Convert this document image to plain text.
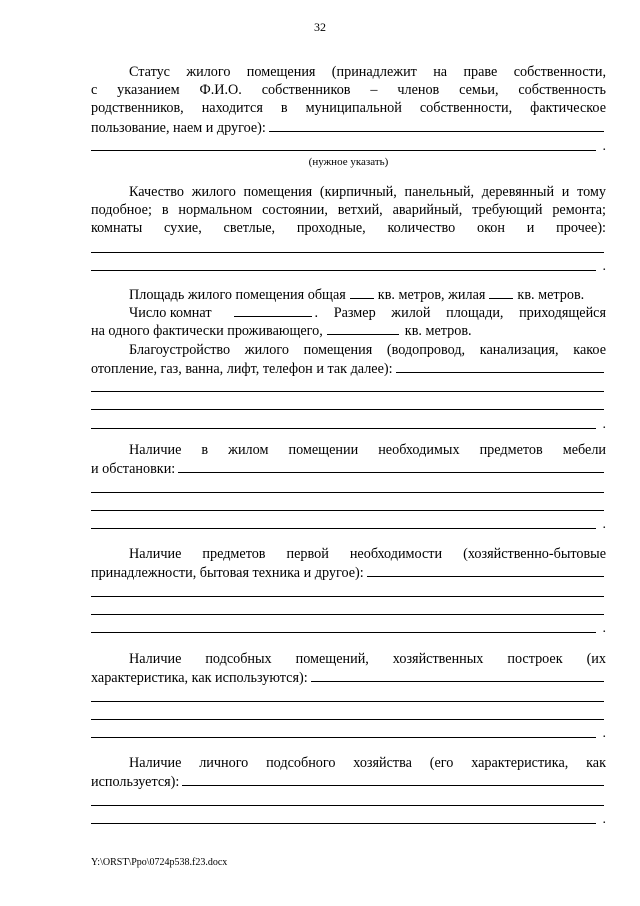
32

Статус жилого помещения (принадлежит на праве собственности,

с указанием Ф.И.О. собственников – членов семьи, собственность

родственников, находится в муниципальной собственности, фактическое

пользование, наем и другое):
.
(нужное указать)

Качество жилого помещения (кирпичный, панельный, деревянный и тому

подобное; в нормальном состоянии, ветхий, аварийный, требующий ремонта;

комнаты сухие, светлые, проходные, количество окон и прочее):

.
Площадь жилого помещения общая кв. метров, жилая кв. метров.
Число комнат	. Размер жилой площади, приходящейся
на одного фактически проживающего,	кв. метров.

Благоустройство жилого помещения (водопровод, канализация, какое

отопление, газ, ванна, лифт, телефон и так далее):
.

Наличие в жилом помещении необходимых предметов мебели

и обстановки:
.

Наличие предметов первой необходимости (хозяйственно-бытовые

принадлежности, бытовая техника и другое):
.

Наличие подсобных помещений, хозяйственных построек (их

характеристика, как используются):
.

Наличие личного подсобного хозяйства (его характеристика, как

используется):
.
Y:\ORST\Ppo\0724p538.f23.docx
